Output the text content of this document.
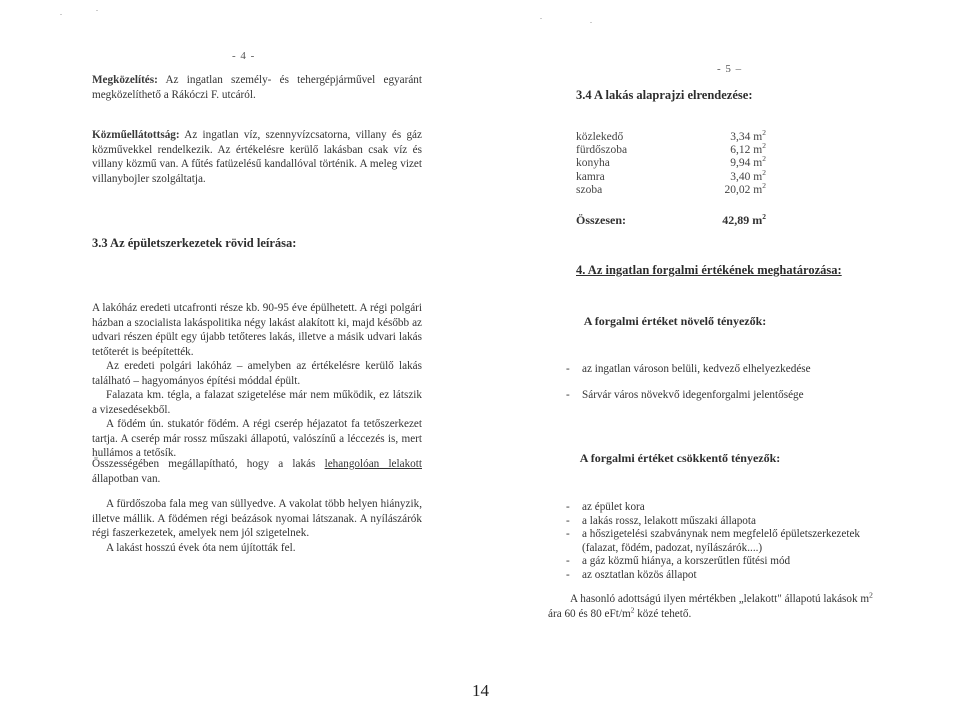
- 4 -

Megközelítés: Az ingatlan személy- és tehergépjárművel egyaránt megközelíthető a Rákóczi F. utcáról.

Közműellátottság: Az ingatlan víz, szennyvízcsatorna, villany és gáz közművekkel rendelkezik. Az értékelésre kerülő lakásban csak víz és villany közmű van. A fűtés fatüzelésű kandallóval történik. A meleg vizet villanybojler szolgáltatja.

3.3 Az épületszerkezetek rövid leírása:

A lakóház eredeti utcafronti része kb. 90-95 éve épülhetett. A régi polgári házban a szocialista lakáspolitika négy lakást alakított ki, majd később az udvari részen épült egy újabb tetőteres lakás, illetve a másik udvari lakás tetőterét is beépítették.

Az eredeti polgári lakóház – amelyben az értékelésre kerülő lakás található – hagyományos építési móddal épült.

Falazata km. tégla, a falazat szigetelése már nem működik, ez látszik a vizesedésekből.

A födém ún. stukatór födém. A régi cserép héjazatot fa tetőszerkezet tartja. A cserép már rossz műszaki állapotú, valószínű a léccezés is, mert hullámos a tetősík.

Összességében megállapítható, hogy a lakás lehangolóan lelakott állapotban van.

A fürdőszoba fala meg van süllyedve. A vakolat több helyen hiányzik, illetve mállik. A födémen régi beázások nyomai látszanak. A nyílászárók régi faszerkezetek, amelyek nem jól szigetelnek.

A lakást hosszú évek óta nem újították fel.

- 5 –

3.4 A lakás alaprajzi elrendezése:

közlekedő	3,34 $m^2$
fürdőszoba	6,12 $m^2$
konyha	9,94 $m^2$
kamra	3,40 $m^2$
szoba	20,02 $m^2$
Összesen:	42,89 $m^2$

4. Az ingatlan forgalmi értékének meghatározása:

A forgalmi értéket növelő tényezők:

- az ingatlan városon belüli, kedvező elhelyezkedése
- Sárvár város növekvő idegenforgalmi jelentősége

A forgalmi értéket csökkentő tényezők:

- az épület kora
- a lakás rossz, lelakott műszaki állapota
- a hőszigetelési szabványnak nem megfelelő épületszerkezetek
(falazat, födém, padozat, nyílászárók....)
- a gáz közmű hiánya, a korszerűtlen fűtési mód
- az osztatlan közös állapot
A hasonló adottságú ilyen mértékben „lelakott" állapotú lakások $m^2$
ára 60 és 80 eFt/$m^2$ közé tehető.
14
